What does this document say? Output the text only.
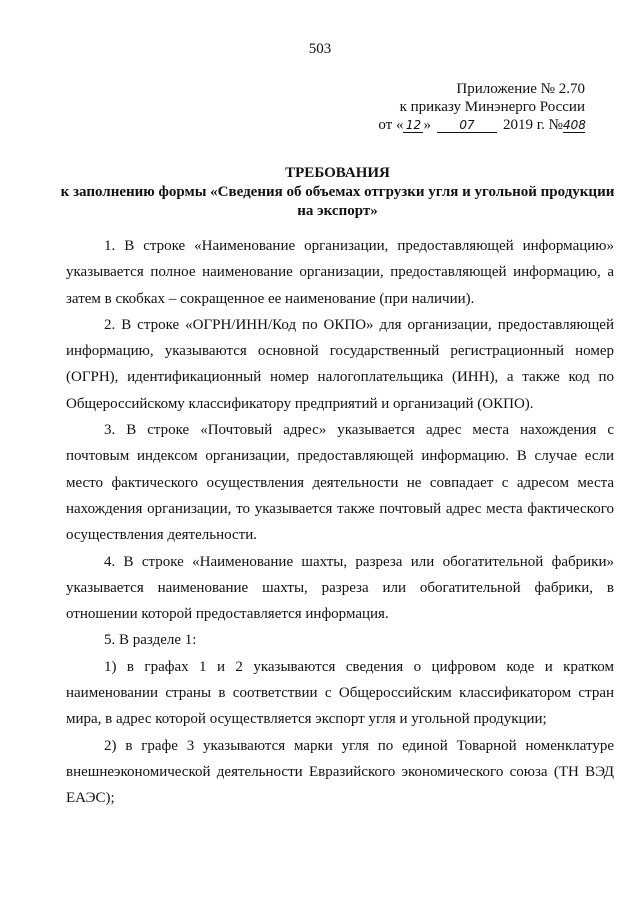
503
Приложение № 2.70
к приказу Минэнерго России
от « 12 » 07 2019 г. №408
ТРЕБОВАНИЯ
к заполнению формы «Сведения об объемах отгрузки угля и угольной продукции на экспорт»

1. В строке «Наименование организации, предоставляющей информацию» указывается полное наименование организации, предоставляющей информацию, а затем в скобках – сокращенное ее наименование (при наличии).

2. В строке «ОГРН/ИНН/Код по ОКПО» для организации, предоставляющей информацию, указываются основной государственный регистрационный номер (ОГРН), идентификационный номер налогоплательщика (ИНН), а также код по Общероссийскому классификатору предприятий и организаций (ОКПО).

3. В строке «Почтовый адрес» указывается адрес места нахождения с почтовым индексом организации, предоставляющей информацию. В случае если место фактического осуществления деятельности не совпадает с адресом места нахождения организации, то указывается также почтовый адрес места фактического осуществления деятельности.

4. В строке «Наименование шахты, разреза или обогатительной фабрики» указывается наименование шахты, разреза или обогатительной фабрики, в отношении которой предоставляется информация.

5. В разделе 1:

1) в графах 1 и 2 указываются сведения о цифровом коде и кратком наименовании страны в соответствии с Общероссийским классификатором стран мира, в адрес которой осуществляется экспорт угля и угольной продукции;

2) в графе 3 указываются марки угля по единой Товарной номенклатуре внешнеэкономической деятельности Евразийского экономического союза (ТН ВЭД ЕАЭС);
